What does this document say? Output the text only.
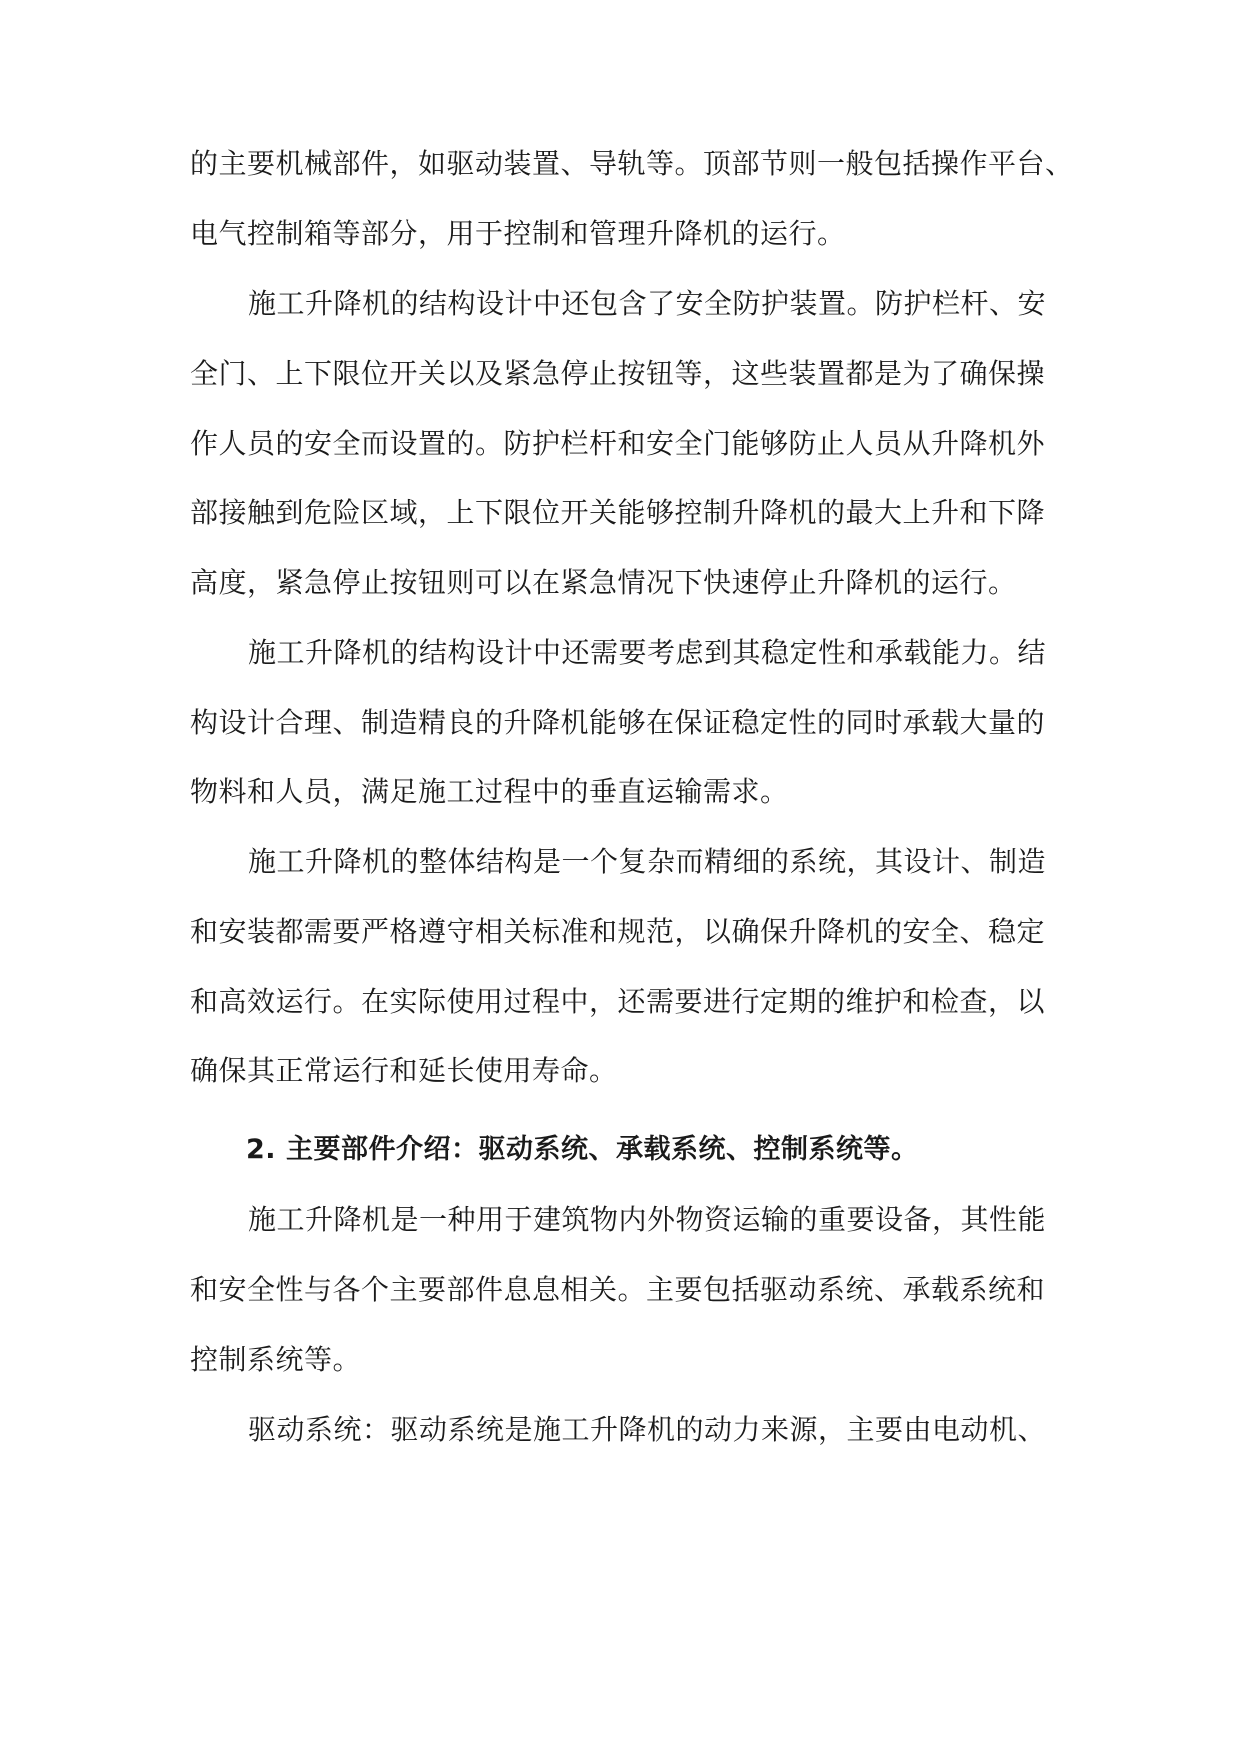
的主要机械部件，如驱动装置、导轨等。顶部节则一般包括操作平台、
电气控制箱等部分，用于控制和管理升降机的运行。
施工升降机的结构设计中还包含了安全防护装置。防护栏杆、安
全门、上下限位开关以及紧急停止按钮等，这些装置都是为了确保操
作人员的安全而设置的。防护栏杆和安全门能够防止人员从升降机外
部接触到危险区域，上下限位开关能够控制升降机的最大上升和下降
高度，紧急停止按钮则可以在紧急情况下快速停止升降机的运行。
施工升降机的结构设计中还需要考虑到其稳定性和承载能力。结
构设计合理、制造精良的升降机能够在保证稳定性的同时承载大量的
物料和人员，满足施工过程中的垂直运输需求。
施工升降机的整体结构是一个复杂而精细的系统，其设计、制造
和安装都需要严格遵守相关标准和规范，以确保升降机的安全、稳定
和高效运行。在实际使用过程中，还需要进行定期的维护和检查，以
确保其正常运行和延长使用寿命。
2. 主要部件介绍：驱动系统、承载系统、控制系统等。
施工升降机是一种用于建筑物内外物资运输的重要设备，其性能
和安全性与各个主要部件息息相关。主要包括驱动系统、承载系统和
控制系统等。
驱动系统：驱动系统是施工升降机的动力来源，主要由电动机、
